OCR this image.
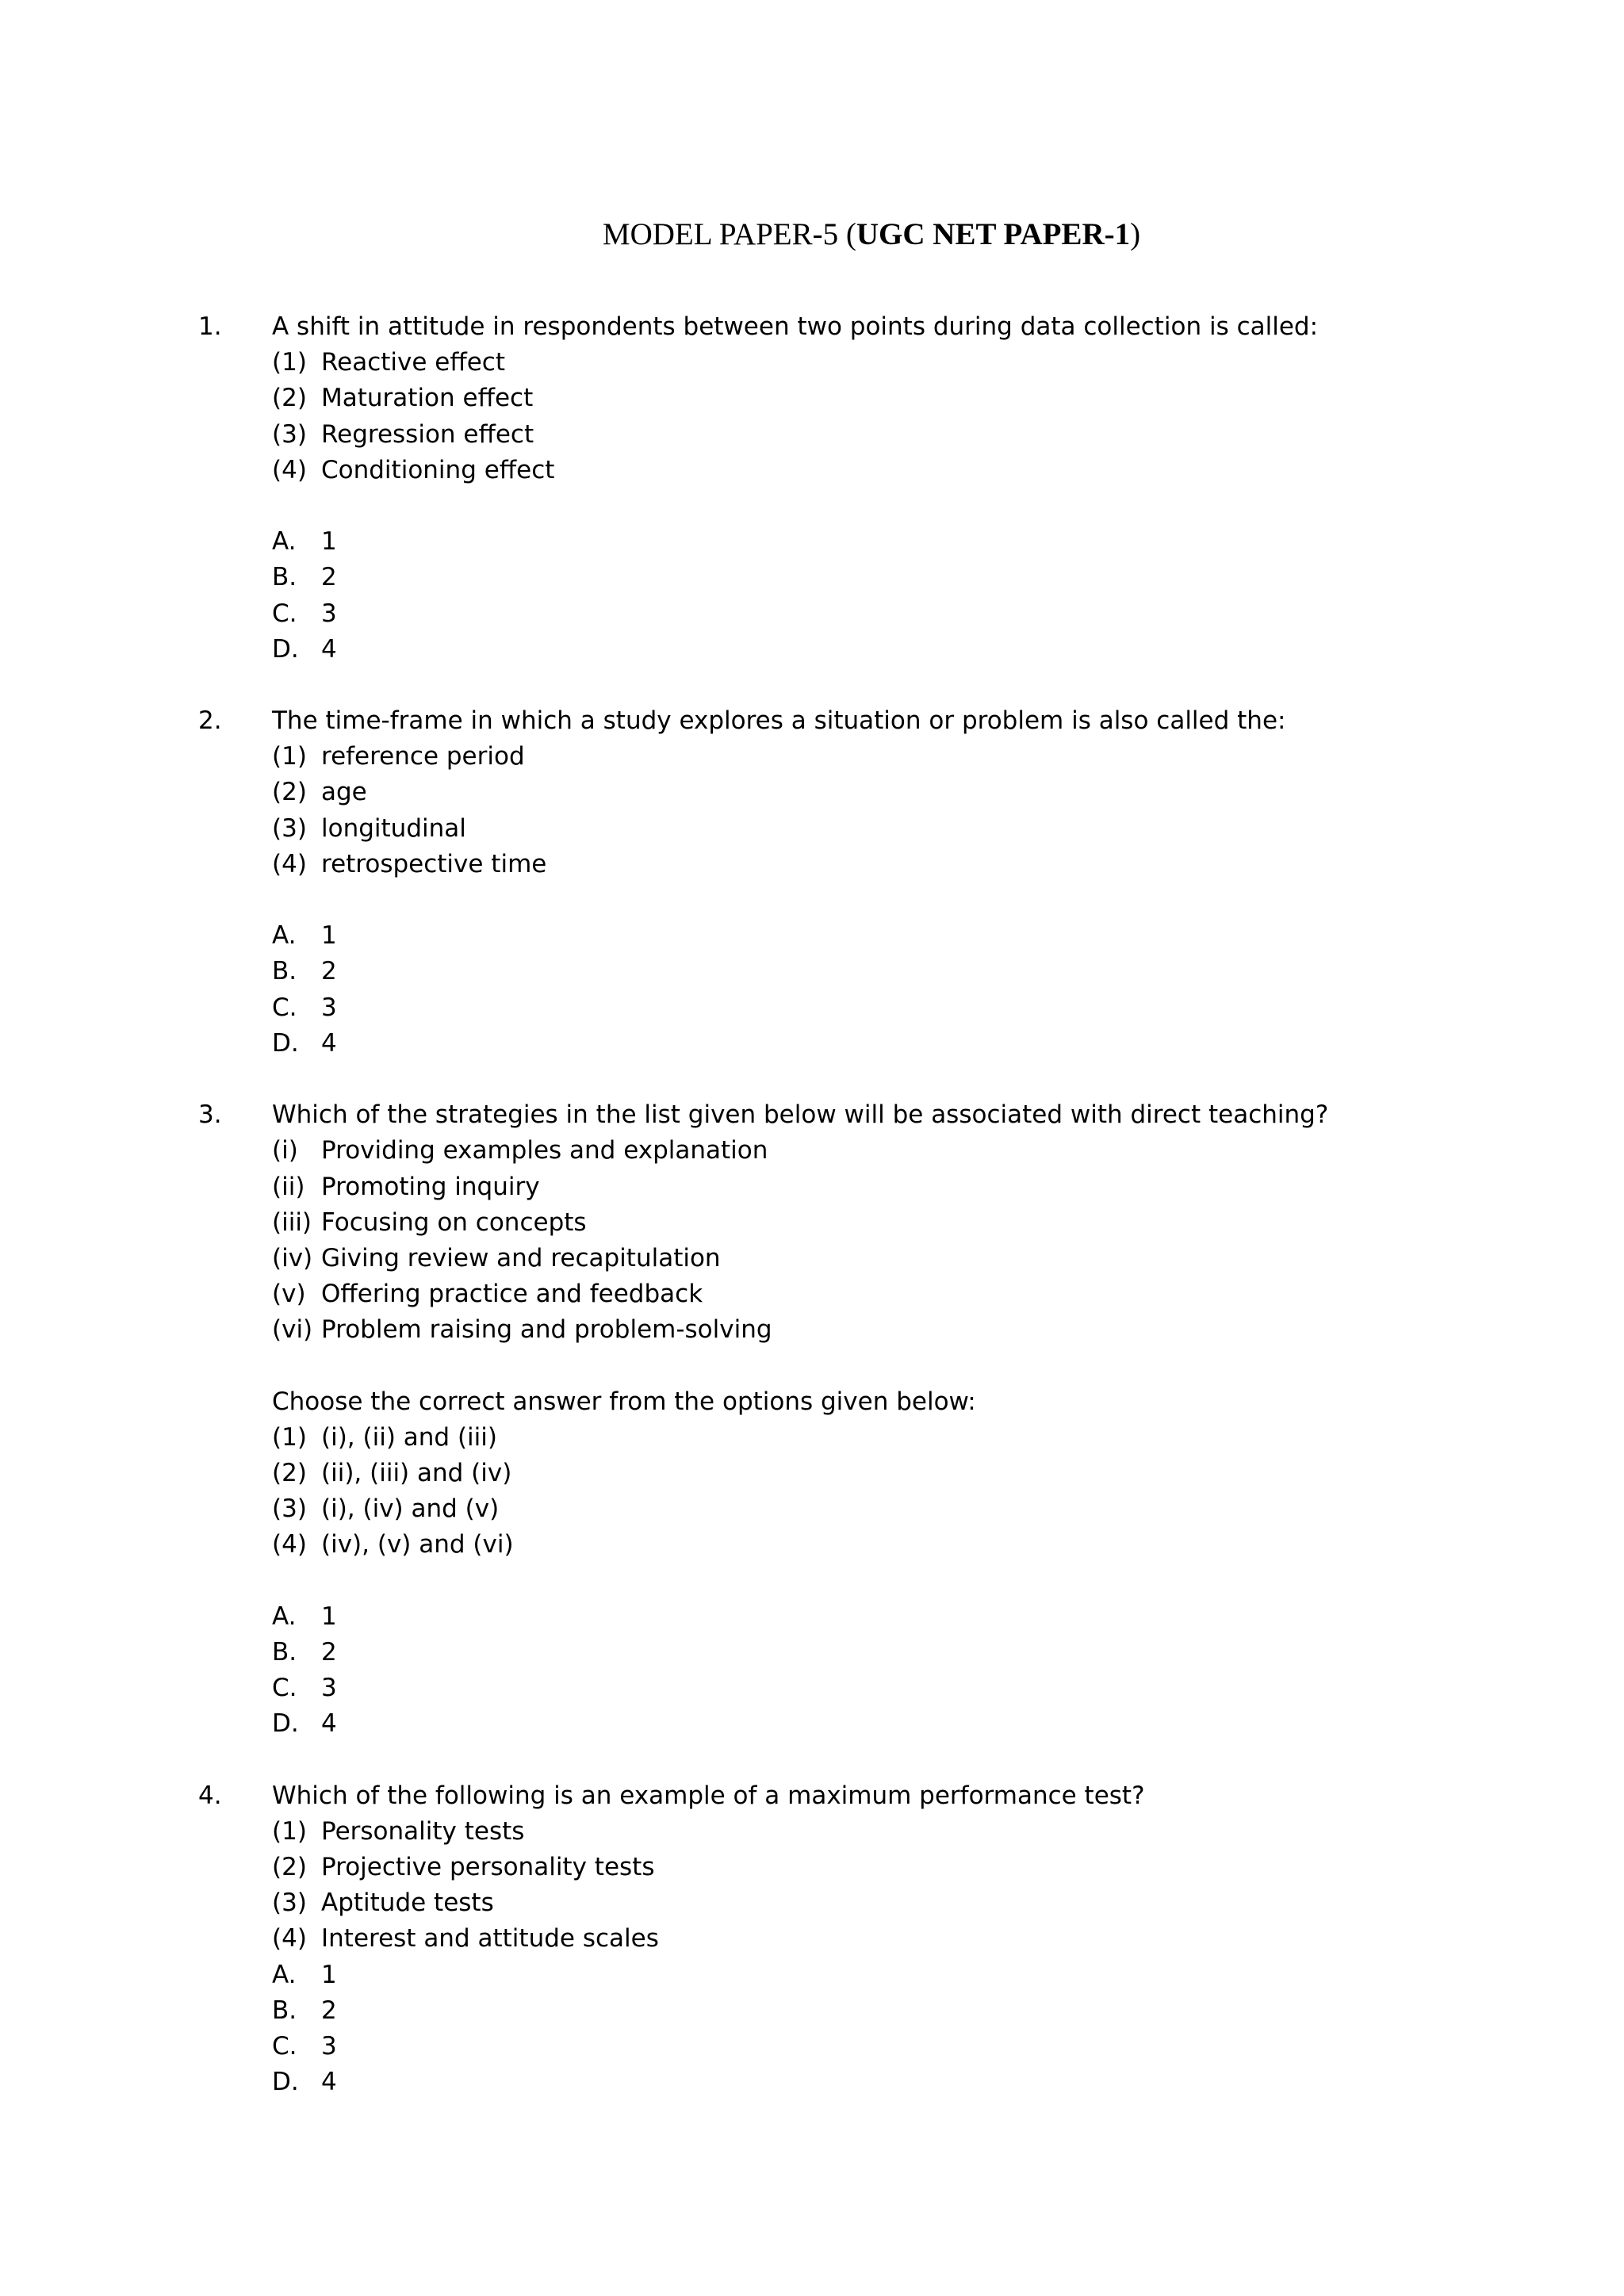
MODEL PAPER-5 (UGC NET PAPER-1)
1. A shift in attitude in respondents between two points during data collection is called:
(1) Reactive effect
(2) Maturation effect
(3) Regression effect
(4) Conditioning effect
A. 1
B. 2
C. 3
D. 4
2. The time-frame in which a study explores a situation or problem is also called the:
(1) reference period
(2) age
(3) longitudinal
(4) retrospective time
A. 1
B. 2
C. 3
D. 4
3. Which of the strategies in the list given below will be associated with direct teaching?
(i) Providing examples and explanation
(ii) Promoting inquiry
(iii) Focusing on concepts
(iv) Giving review and recapitulation
(v) Offering practice and feedback
(vi) Problem raising and problem-solving
Choose the correct answer from the options given below:
(1) (i), (ii) and (iii)
(2) (ii), (iii) and (iv)
(3) (i), (iv) and (v)
(4) (iv), (v) and (vi)
A. 1
B. 2
C. 3
D. 4
4. Which of the following is an example of a maximum performance test?
(1) Personality tests
(2) Projective personality tests
(3) Aptitude tests
(4) Interest and attitude scales
A. 1
B. 2
C. 3
D. 4
